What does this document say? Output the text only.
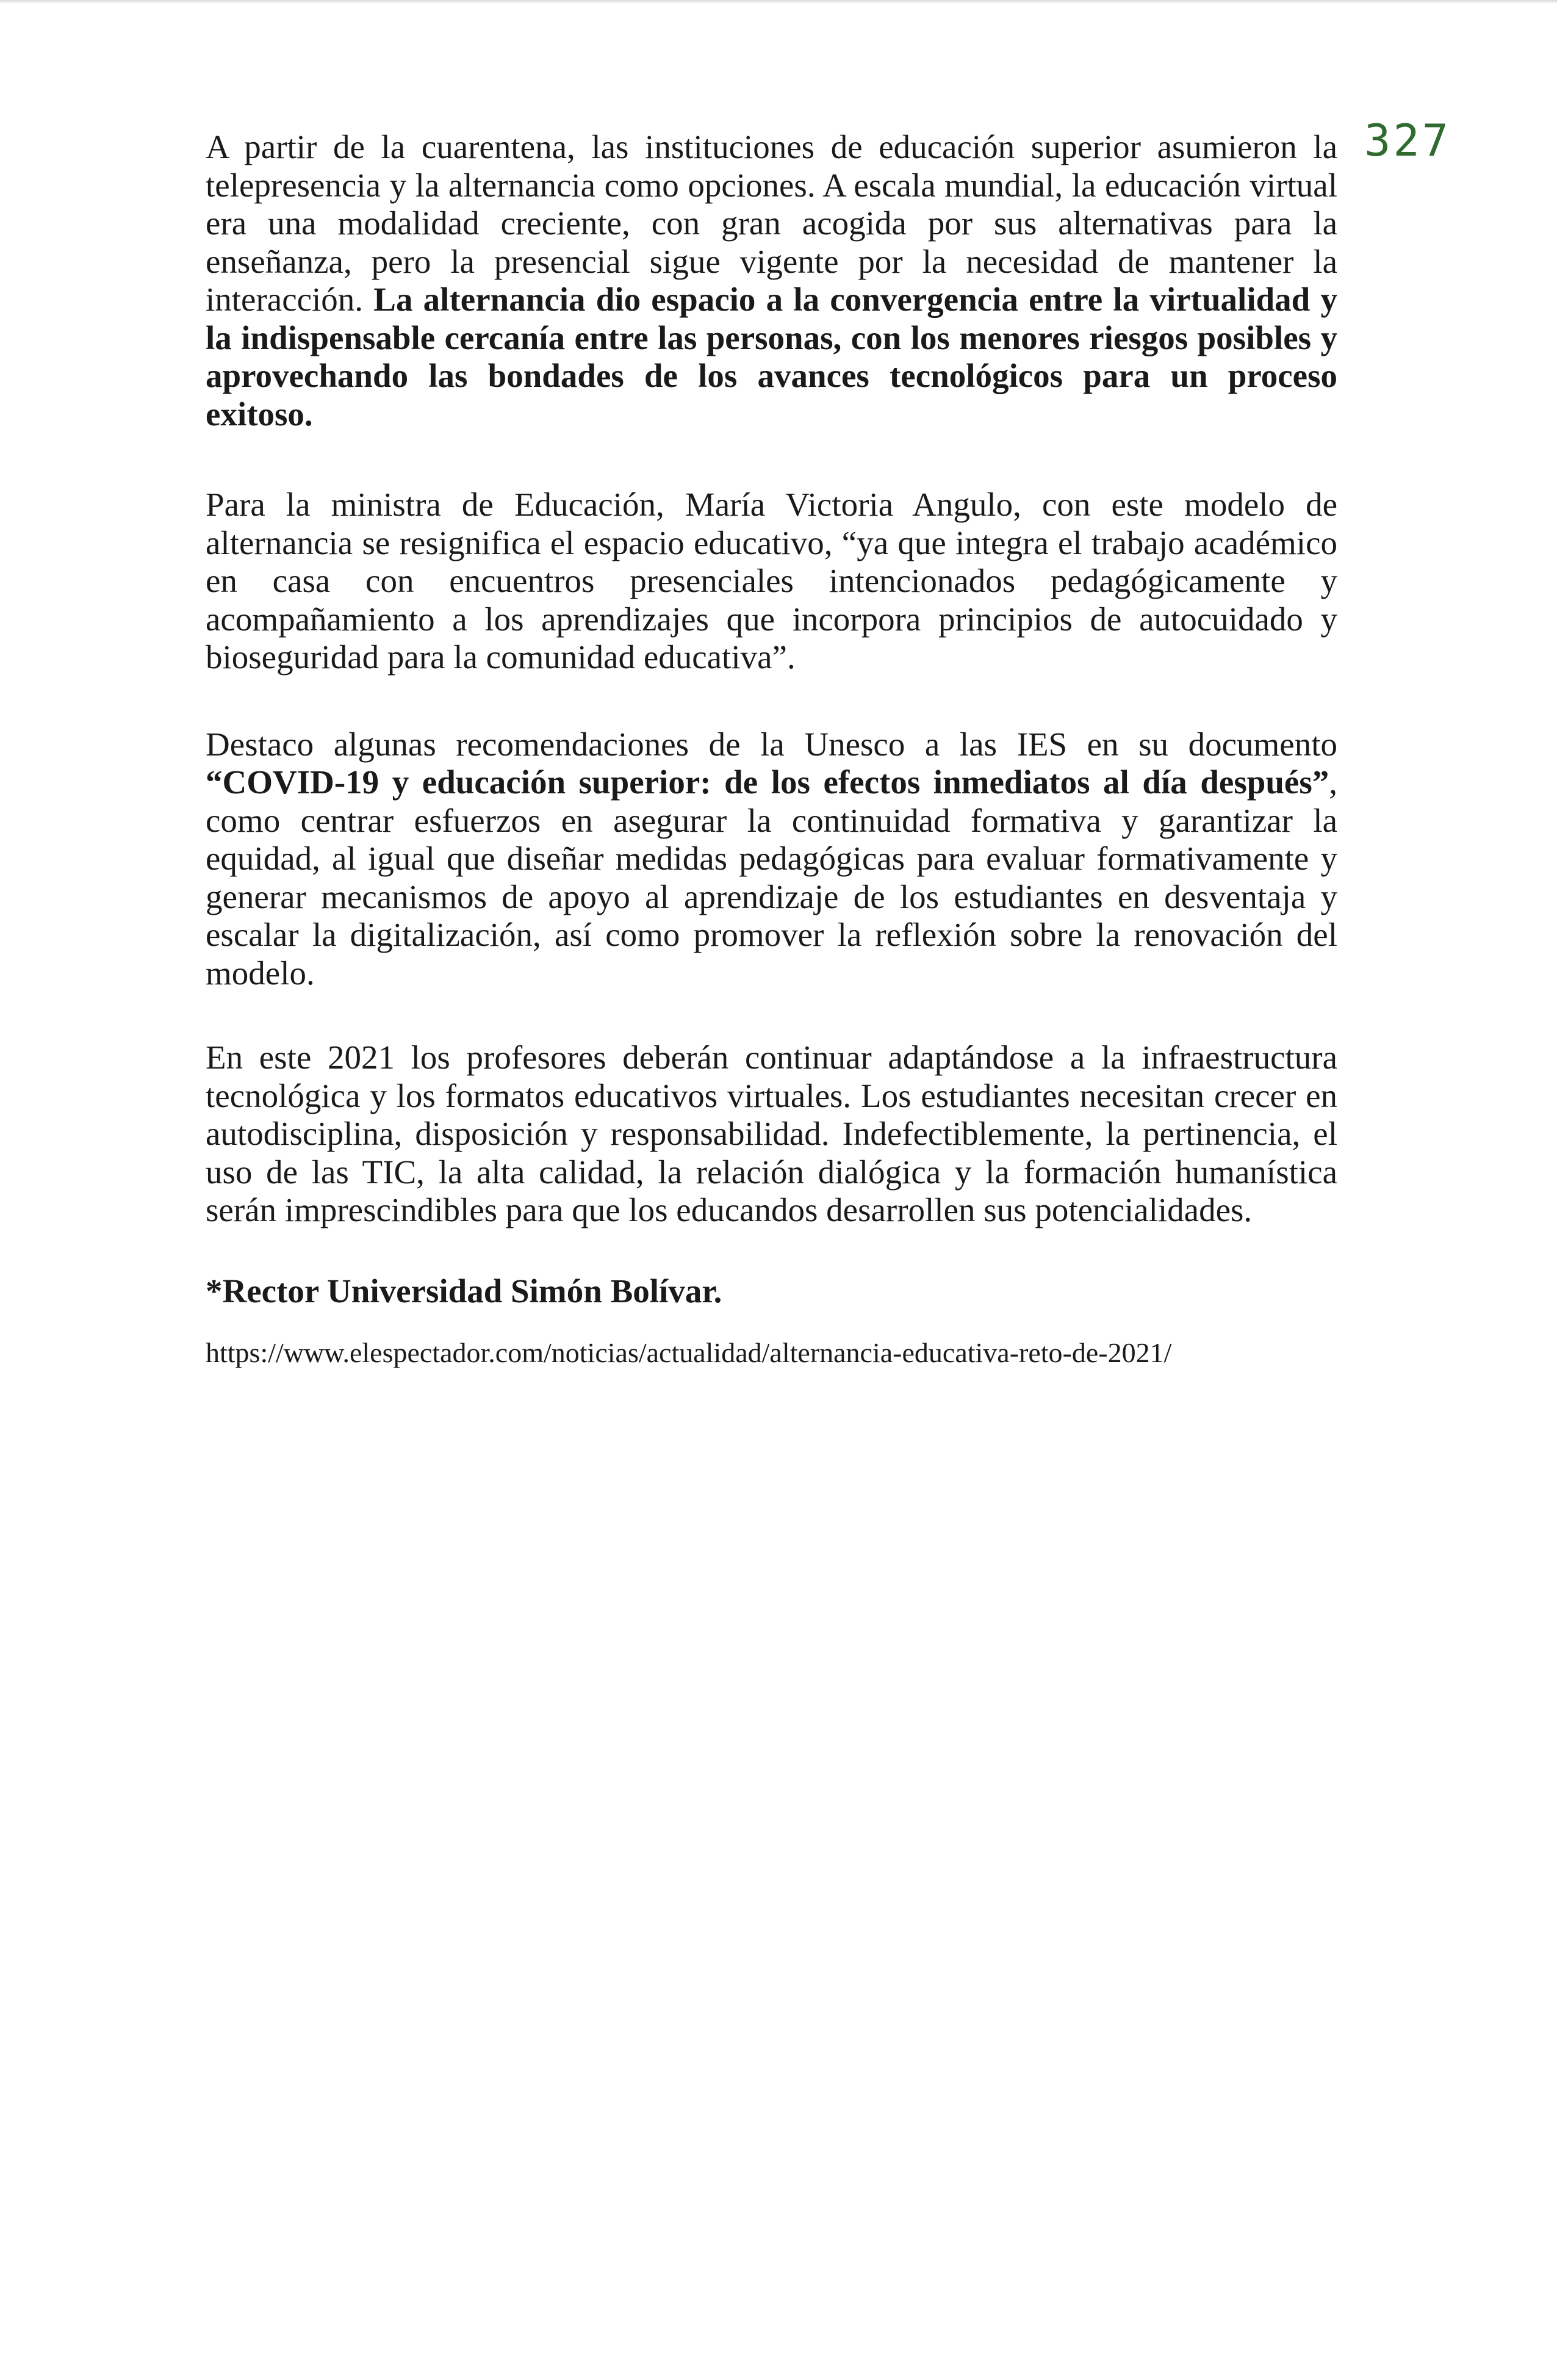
327

A partir de la cuarentena, las instituciones de educación superior asumieron la telepresencia y la alternancia como opciones. A escala mundial, la educación virtual era una modalidad creciente, con gran acogida por sus alternativas para la enseñanza, pero la presencial sigue vigente por la necesidad de mantener la interacción. La alternancia dio espacio a la convergencia entre la virtualidad y la indispensable cercanía entre las personas, con los menores riesgos posibles y aprovechando las bondades de los avances tecnológicos para un proceso exitoso.

Para la ministra de Educación, María Victoria Angulo, con este modelo de alternancia se resignifica el espacio educativo, “ya que integra el trabajo académico en casa con encuentros presenciales intencionados pedagógicamente y acompañamiento a los aprendizajes que incorpora principios de autocuidado y bioseguridad para la comunidad educativa”.

Destaco algunas recomendaciones de la Unesco a las IES en su documento “COVID-19 y educación superior: de los efectos inmediatos al día después”, como centrar esfuerzos en asegurar la continuidad formativa y garantizar la equidad, al igual que diseñar medidas pedagógicas para evaluar formativamente y generar mecanismos de apoyo al aprendizaje de los estudiantes en desventaja y escalar la digitalización, así como promover la reflexión sobre la renovación del modelo.

En este 2021 los profesores deberán continuar adaptándose a la infraestructura tecnológica y los formatos educativos virtuales. Los estudiantes necesitan crecer en autodisciplina, disposición y responsabilidad. Indefectiblemente, la pertinencia, el uso de las TIC, la alta calidad, la relación dialógica y la formación humanística serán imprescindibles para que los educandos desarrollen sus potencialidades.

*Rector Universidad Simón Bolívar.

https://www.elespectador.com/noticias/actualidad/alternancia-educativa-reto-de-2021/
